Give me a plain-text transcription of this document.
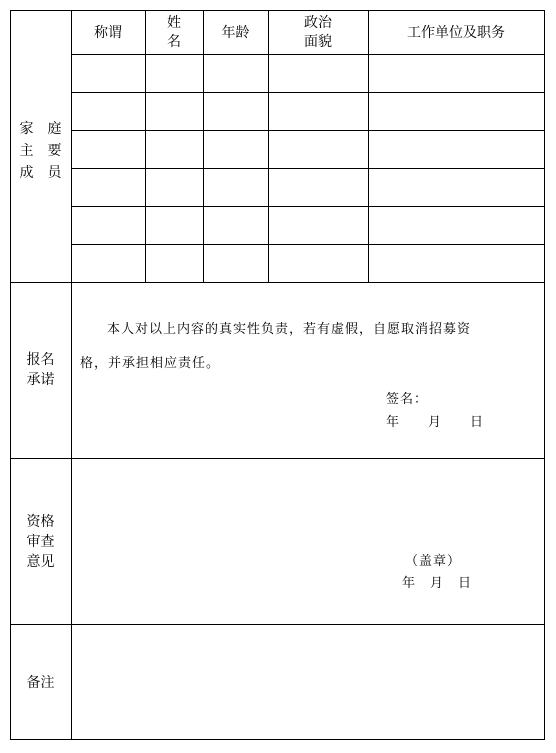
家　庭
主　要
成　员
称谓
姓
名
年龄
政治
面貌
工作单位及职务
报名
承诺
本人对以上内容的真实性负责，若有虚假，自愿取消招募资
格，并承担相应责任。
签名：
年　　月　　日
资格
审查
意见	（盖章）
年　月　日
备注
